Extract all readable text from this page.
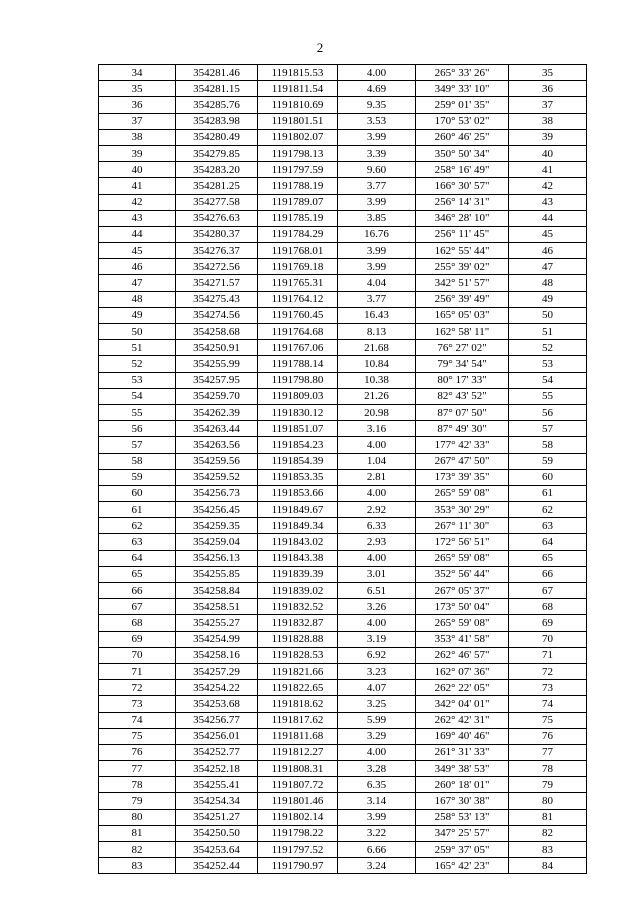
2
34	354281.46	1191815.53	4.00	265° 33' 26"	35
35	354281.15	1191811.54	4.69	349° 33' 10"	36
36	354285.76	1191810.69	9.35	259° 01' 35"	37
37	354283.98	1191801.51	3.53	170° 53' 02"	38
38	354280.49	1191802.07	3.99	260° 46' 25"	39
39	354279.85	1191798.13	3.39	350° 50' 34"	40
40	354283.20	1191797.59	9.60	258° 16' 49"	41
41	354281.25	1191788.19	3.77	166° 30' 57"	42
42	354277.58	1191789.07	3.99	256° 14' 31"	43
43	354276.63	1191785.19	3.85	346° 28' 10"	44
44	354280.37	1191784.29	16.76	256° 11' 45"	45
45	354276.37	1191768.01	3.99	162° 55' 44"	46
46	354272.56	1191769.18	3.99	255° 39' 02"	47
47	354271.57	1191765.31	4.04	342° 51' 57"	48
48	354275.43	1191764.12	3.77	256° 39' 49"	49
49	354274.56	1191760.45	16.43	165° 05' 03"	50
50	354258.68	1191764.68	8.13	162° 58' 11"	51
51	354250.91	1191767.06	21.68	76° 27' 02"	52
52	354255.99	1191788.14	10.84	79° 34' 54"	53
53	354257.95	1191798.80	10.38	80° 17' 33"	54
54	354259.70	1191809.03	21.26	82° 43' 52"	55
55	354262.39	1191830.12	20.98	87° 07' 50"	56
56	354263.44	1191851.07	3.16	87° 49' 30"	57
57	354263.56	1191854.23	4.00	177° 42' 33"	58
58	354259.56	1191854.39	1.04	267° 47' 50"	59
59	354259.52	1191853.35	2.81	173° 39' 35"	60
60	354256.73	1191853.66	4.00	265° 59' 08"	61
61	354256.45	1191849.67	2.92	353° 30' 29"	62
62	354259.35	1191849.34	6.33	267° 11' 30"	63
63	354259.04	1191843.02	2.93	172° 56' 51"	64
64	354256.13	1191843.38	4.00	265° 59' 08"	65
65	354255.85	1191839.39	3.01	352° 56' 44"	66
66	354258.84	1191839.02	6.51	267° 05' 37"	67
67	354258.51	1191832.52	3.26	173° 50' 04"	68
68	354255.27	1191832.87	4.00	265° 59' 08"	69
69	354254.99	1191828.88	3.19	353° 41' 58"	70
70	354258.16	1191828.53	6.92	262° 46' 57"	71
71	354257.29	1191821.66	3.23	162° 07' 36"	72
72	354254.22	1191822.65	4.07	262° 22' 05"	73
73	354253.68	1191818.62	3.25	342° 04' 01"	74
74	354256.77	1191817.62	5.99	262° 42' 31"	75
75	354256.01	1191811.68	3.29	169° 40' 46"	76
76	354252.77	1191812.27	4.00	261° 31' 33"	77
77	354252.18	1191808.31	3.28	349° 38' 53"	78
78	354255.41	1191807.72	6.35	260° 18' 01"	79
79	354254.34	1191801.46	3.14	167° 30' 38"	80
80	354251.27	1191802.14	3.99	258° 53' 13"	81
81	354250.50	1191798.22	3.22	347° 25' 57"	82
82	354253.64	1191797.52	6.66	259° 37' 05"	83
83	354252.44	1191790.97	3.24	165° 42' 23"	84
